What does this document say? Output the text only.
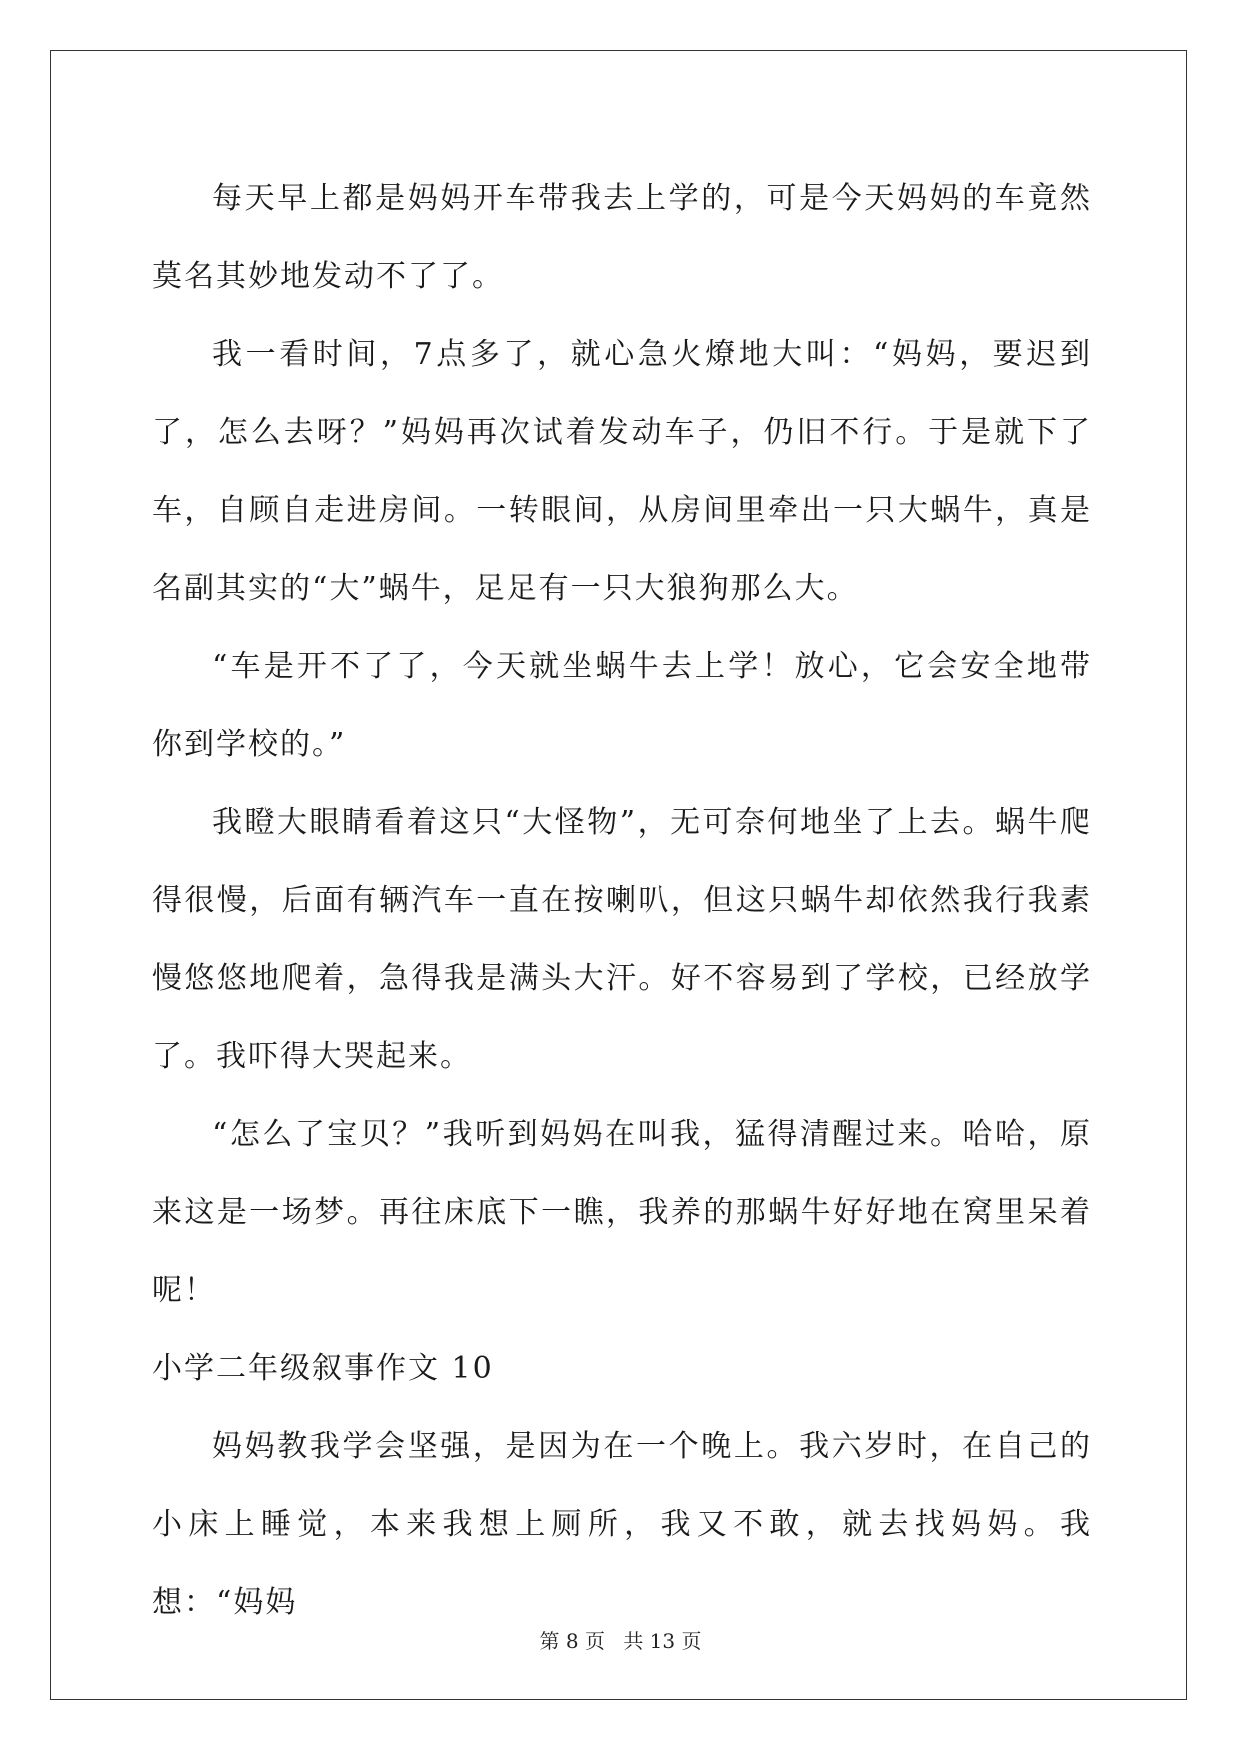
每天早上都是妈妈开车带我去上学的，可是今天妈妈的车竟然莫名其妙地发动不了了。

我一看时间，7点多了，就心急火燎地大叫：“妈妈，要迟到了，怎么去呀？”妈妈再次试着发动车子，仍旧不行。于是就下了车，自顾自走进房间。一转眼间，从房间里牵出一只大蜗牛，真是名副其实的“大”蜗牛，足足有一只大狼狗那么大。

“车是开不了了，今天就坐蜗牛去上学！放心，它会安全地带你到学校的。”

我瞪大眼睛看着这只“大怪物”，无可奈何地坐了上去。蜗牛爬得很慢，后面有辆汽车一直在按喇叭，但这只蜗牛却依然我行我素慢悠悠地爬着，急得我是满头大汗。好不容易到了学校，已经放学了。我吓得大哭起来。

“怎么了宝贝？”我听到妈妈在叫我，猛得清醒过来。哈哈，原来这是一场梦。再往床底下一瞧，我养的那蜗牛好好地在窝里呆着呢！

小学二年级叙事作文 10

妈妈教我学会坚强，是因为在一个晚上。我六岁时，在自己的小床上睡觉，本来我想上厕所，我又不敢，就去找妈妈。我想：“妈妈

第 8 页 共 13 页
